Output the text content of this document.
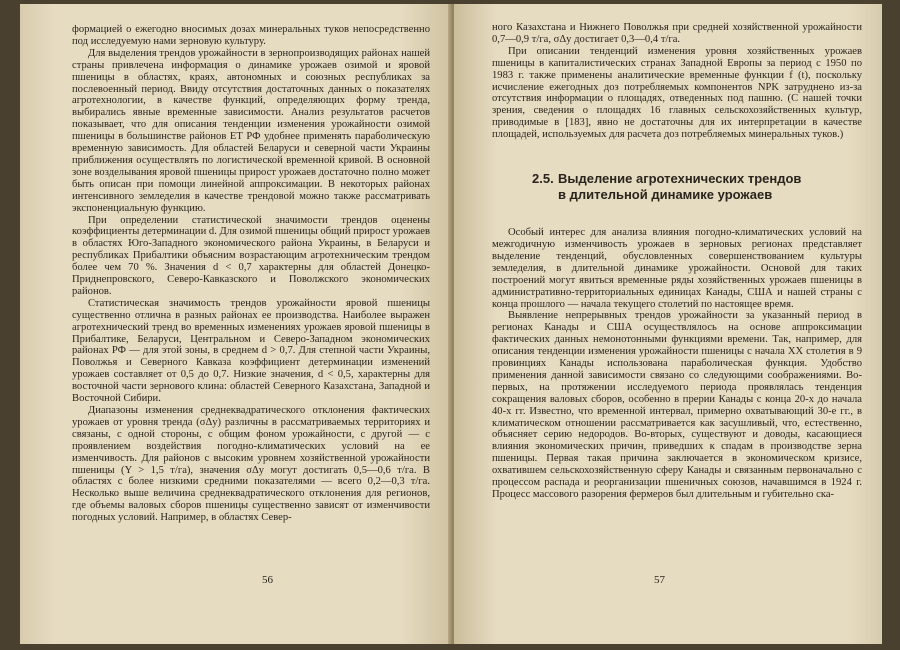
формацией о ежегодно вносимых дозах минеральных туков непосредственно под исследуемую нами зерновую культуру.

Для выделения трендов урожайности в зернопроизводящих районах нашей страны привлечена информация о динамике урожаев озимой и яровой пшеницы в областях, краях, автономных и союзных республиках за послевоенный период. Ввиду отсутствия достаточных данных о показателях агротехнологии, в качестве функций, определяющих форму тренда, выбирались явные временные зависимости. Анализ результатов расчетов показывает, что для описания тенденции изменения урожайности озимой пшеницы в большинстве районов ЕТ РФ удобнее применять параболическую временную зависимость. Для областей Беларуси и северной части Украины приближения осуществлять по логистической временной кривой. В основной зоне возделывания яровой пшеницы прирост урожаев достаточно полно может быть описан при помощи линейной аппроксимации. В некоторых районах интенсивного земледелия в качестве трендовой можно также рассматривать экспоненциальную функцию.

При определении статистической значимости трендов оценены коэффициенты детерминации d. Для озимой пшеницы общий прирост урожаев в областях Юго-Западного экономического района Украины, в Беларуси и республиках Прибалтики объясним возрастающим агротехническим трендом более чем 70 %. Значения d < 0,7 характерны для областей Донецко-Приднепровского, Северо-Кавказского и Поволжского экономических районов.

Статистическая значимость трендов урожайности яровой пшеницы существенно отлична в разных районах ее производства. Наиболее выражен агротехнический тренд во временных изменениях урожаев яровой пшеницы в Прибалтике, Беларуси, Центральном и Северо-Западном экономических районах РФ — для этой зоны, в среднем d > 0,7. Для степной части Украины, Поволжья и Северного Кавказа коэффициент детерминации изменений урожаев составляет от 0,5 до 0,7. Низкие значения, d < 0,5, характерны для восточной части зернового клина: областей Северного Казахстана, Западной и Восточной Сибири.

Диапазоны изменения среднеквадратического отклонения фактических урожаев от уровня тренда (σΔy) различны в рассматриваемых территориях и связаны, с одной стороны, с общим фоном урожайности, с другой — с проявлением воздействия погодно-климатических условий на ее изменчивость. Для районов с высоким уровнем хозяйственной урожайности пшеницы (Y > 1,5 т/га), значения σΔy могут достигать 0,5—0,6 т/га. В областях с более низкими средними показателями — всего 0,2—0,3 т/га. Несколько выше величина среднеквадратического отклонения для регионов, где объемы валовых сборов пшеницы существенно зависят от изменчивости погодных условий. Например, в областях Север-

56

ного Казахстана и Нижнего Поволжья при средней хозяйственной урожайности 0,7—0,9 т/га, σΔy достигает 0,3—0,4 т/га.

При описании тенденций изменения уровня хозяйственных урожаев пшеницы в капиталистических странах Западной Европы за период с 1950 по 1983 г. также применены аналитические временные функции f (t), поскольку исчисление ежегодных доз потребляемых компонентов NPK затруднено из-за отсутствия информации о площадях, отведенных под пашню. (С нашей точки зрения, сведения о площадях 16 главных сельскохозяйственных культур, приводимые в [183], явно не достаточны для их интерпретации в качестве площадей, используемых для расчета доз потребляемых минеральных туков.)

2.5. Выделение агротехнических трендов
в длительной динамике урожаев

Особый интерес для анализа влияния погодно-климатических условий на межгодичную изменчивость урожаев в зерновых регионах представляет выделение тенденций, обусловленных совершенствованием культуры земледелия, в длительной динамике урожайности. Основой для таких построений могут явиться временные ряды хозяйственных урожаев пшеницы в административно-территориальных единицах Канады, США и нашей страны с конца прошлого — начала текущего столетий по настоящее время.

Выявление непрерывных трендов урожайности за указанный период в регионах Канады и США осуществлялось на основе аппроксимации фактических данных немонотонными функциями времени. Так, например, для описания тенденции изменения урожайности пшеницы с начала XX столетия в 9 провинциях Канады использована параболическая функция. Удобство применения данной зависимости связано со следующими соображениями. Во-первых, на протяжении исследуемого периода проявлялась тенденция сокращения валовых сборов, особенно в прерии Канады с конца 20-х до начала 40-х гг. Известно, что временной интервал, примерно охватывающий 30-е гг., в климатическом отношении рассматривается как засушливый, что, естественно, объясняет серию недородов. Во-вторых, существуют и доводы, касающиеся влияния экономических причин, приведших к спадам в производстве зерна пшеницы. Первая такая причина заключается в экономическом кризисе, охватившем сельскохозяйственную сферу Канады и связанным первоначально с процессом распада и реорганизации пшеничных союзов, начавшимся в 1924 г. Процесс массового разорения фермеров был длительным и губительно ска-

57
